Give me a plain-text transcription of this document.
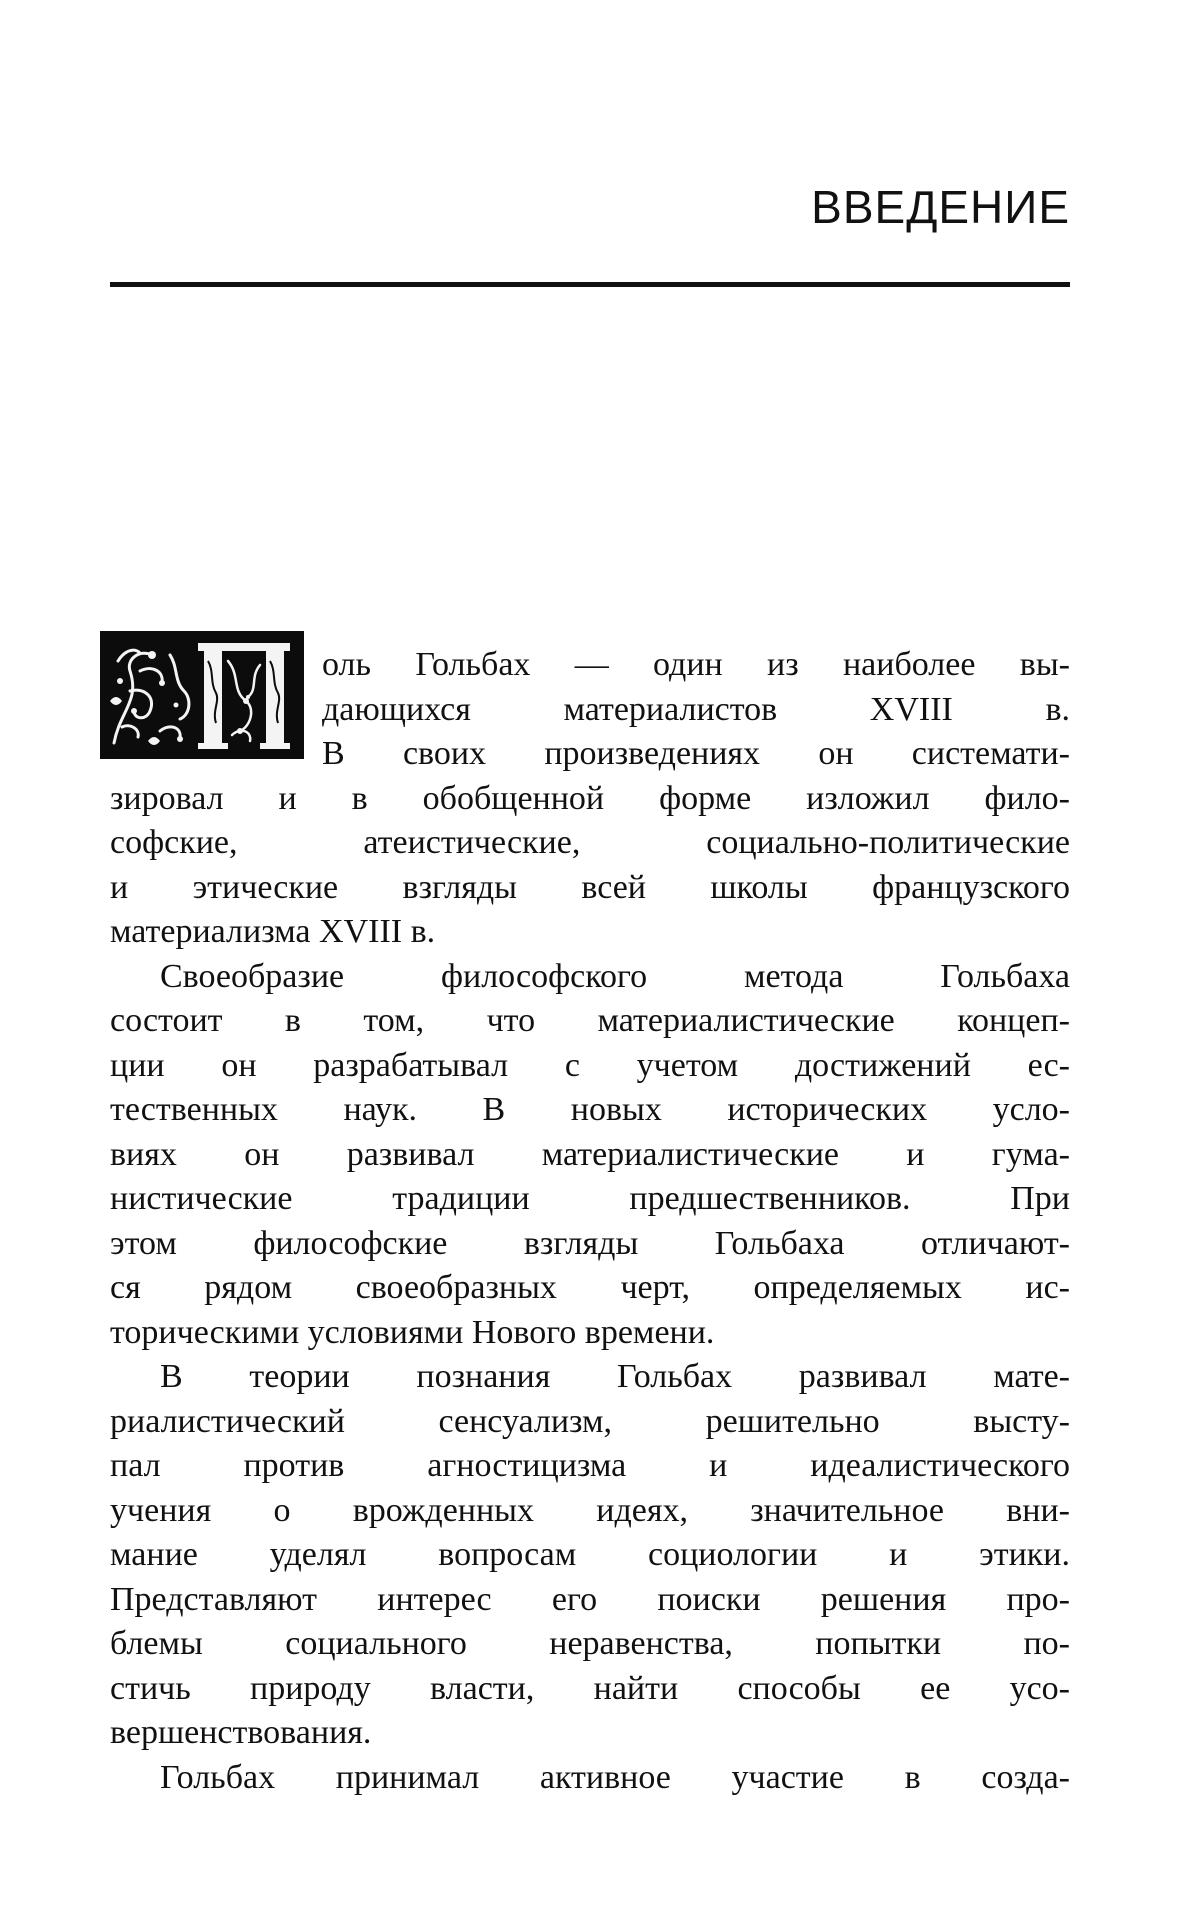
ВВЕДЕНИЕ
оль Гольбах — один из наиболее вы-
дающихся материалистов XVIII в.
В своих произведениях он системати-
зировал и в обобщенной форме изложил фило-
софские, атеистические, социально-политические
и этические взгляды всей школы французского
материализма XVIII в.
Своеобразие философского метода Гольбаха
состоит в том, что материалистические концеп-
ции он разрабатывал с учетом достижений ес-
тественных наук. В новых исторических усло-
виях он развивал материалистические и гума-
нистические традиции предшественников. При
этом философские взгляды Гольбаха отличают-
ся рядом своеобразных черт, определяемых ис-
торическими условиями Нового времени.
В теории познания Гольбах развивал мате-
риалистический сенсуализм, решительно высту-
пал против агностицизма и идеалистического
учения о врожденных идеях, значительное вни-
мание уделял вопросам социологии и этики.
Представляют интерес его поиски решения про-
блемы социального неравенства, попытки по-
стичь природу власти, найти способы ее усо-
вершенствования.
Гольбах принимал активное участие в созда-
